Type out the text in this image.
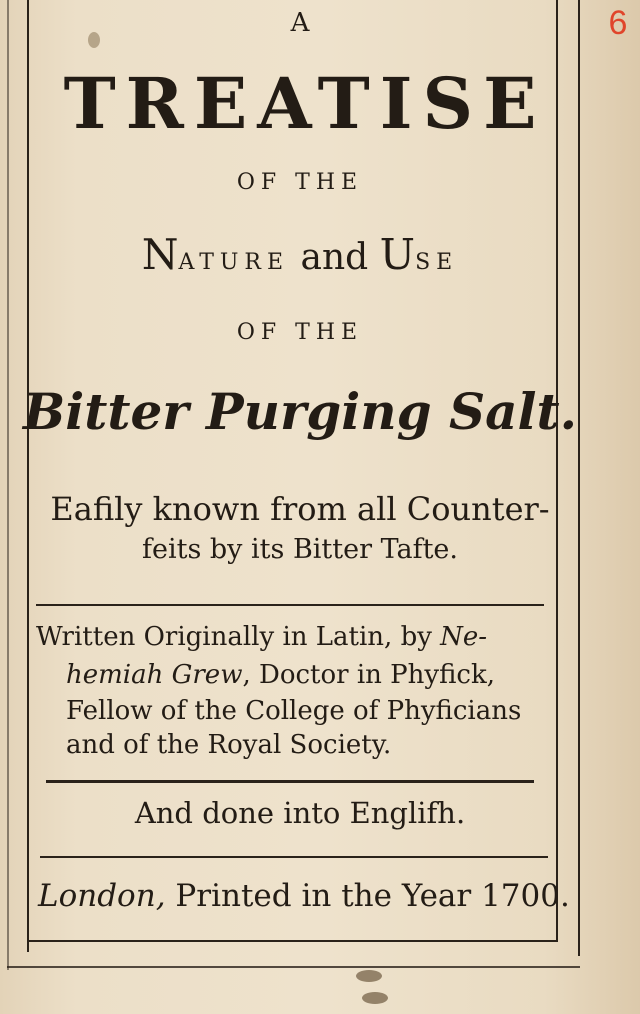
6
A
TREATISE
OF THE
NATURE and USE
OF THE
Bitter Purging Salt.
Eafily known from all Counter-
feits by its Bitter Tafte.
Written Originally in Latin, by Ne-
hemiah Grew, Doctor in Phyfick,
Fellow of the College of Phyficians
and of the Royal Society.
And done into Englifh.
London, Printed in the Year 1700.
